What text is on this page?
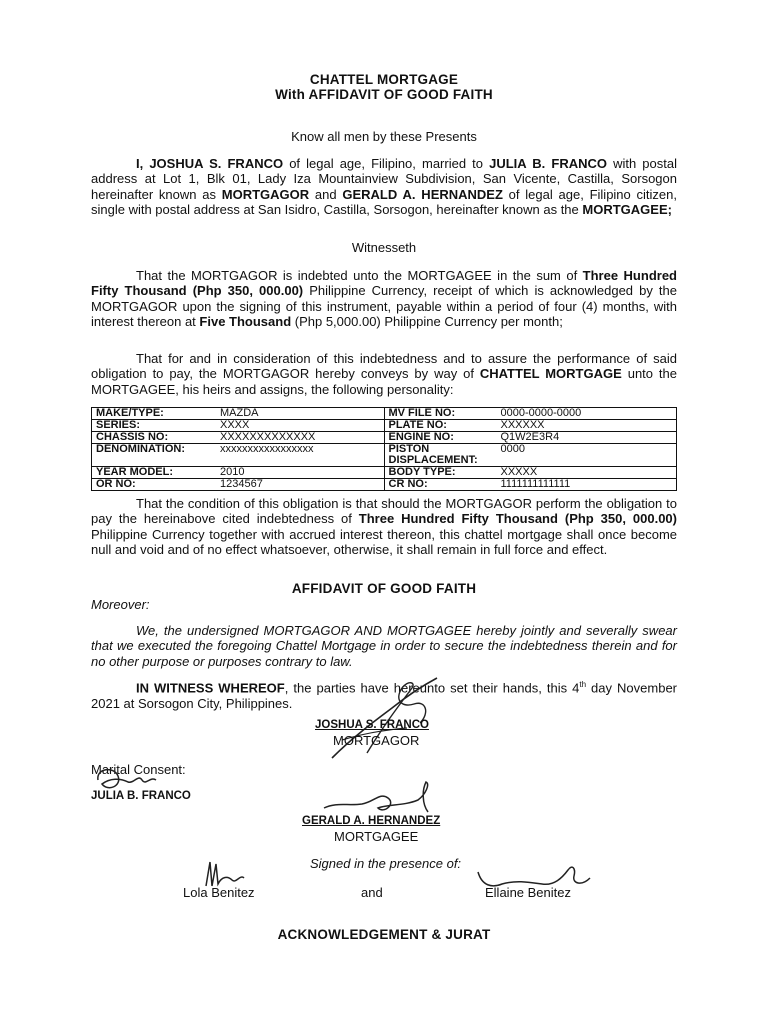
CHATTEL MORTGAGE
With AFFIDAVIT OF GOOD FAITH
Know all men by these Presents
I, JOSHUA S. FRANCO of legal age, Filipino, married to JULIA B. FRANCO with postal address at Lot 1, Blk 01, Lady Iza Mountainview Subdivision, San Vicente, Castilla, Sorsogon hereinafter known as MORTGAGOR and GERALD A. HERNANDEZ of legal age, Filipino citizen, single with postal address at San Isidro, Castilla, Sorsogon, hereinafter known as the MORTGAGEE;
Witnesseth
That the MORTGAGOR is indebted unto the MORTGAGEE in the sum of Three Hundred Fifty Thousand (Php 350, 000.00) Philippine Currency, receipt of which is acknowledged by the MORTGAGOR upon the signing of this instrument, payable within a period of four (4) months, with interest thereon at Five Thousand (Php 5,000.00) Philippine Currency per month;
That for and in consideration of this indebtedness and to assure the performance of said obligation to pay, the MORTGAGOR hereby conveys by way of CHATTEL MORTGAGE unto the MORTGAGEE, his heirs and assigns, the following personality:
MAKE/TYPE: MAZDA	MV FILE NO: 0000-0000-0000

SERIES: XXXX	PLATE NO: XXXXXX

CHASSIS NO: XXXXXXXXXXXXX	ENGINE NO: Q1W2E3R4

DENOMINATION: xxxxxxxxxxxxxxxxx	PISTON DISPLACEMENT:
0000

YEAR MODEL: 2010	BODY TYPE: XXXXX

OR NO: 1234567	CR NO: 1111111111111
That the condition of this obligation is that should the MORTGAGOR perform the obligation to pay the hereinabove cited indebtedness of Three Hundred Fifty Thousand (Php 350, 000.00) Philippine Currency together with accrued interest thereon, this chattel mortgage shall once become null and void and of no effect whatsoever, otherwise, it shall remain in full force and effect.
AFFIDAVIT OF GOOD FAITH
Moreover:
We, the undersigned MORTGAGOR AND MORTGAGEE hereby jointly and severally swear that we executed the foregoing Chattel Mortgage in order to secure the indebtedness therein and for no other purpose or purposes contrary to law.
IN WITNESS WHEREOF, the parties have hereunto set their hands, this 4th day November 2021 at Sorsogon City, Philippines.
JOSHUA S. FRANCO
MORTGAGOR
Marital Consent:
JULIA B. FRANCO
GERALD A. HERNANDEZ
MORTGAGEE
Signed in the presence of:
Lola Benitez	and	Ellaine Benitez
ACKNOWLEDGEMENT & JURAT
